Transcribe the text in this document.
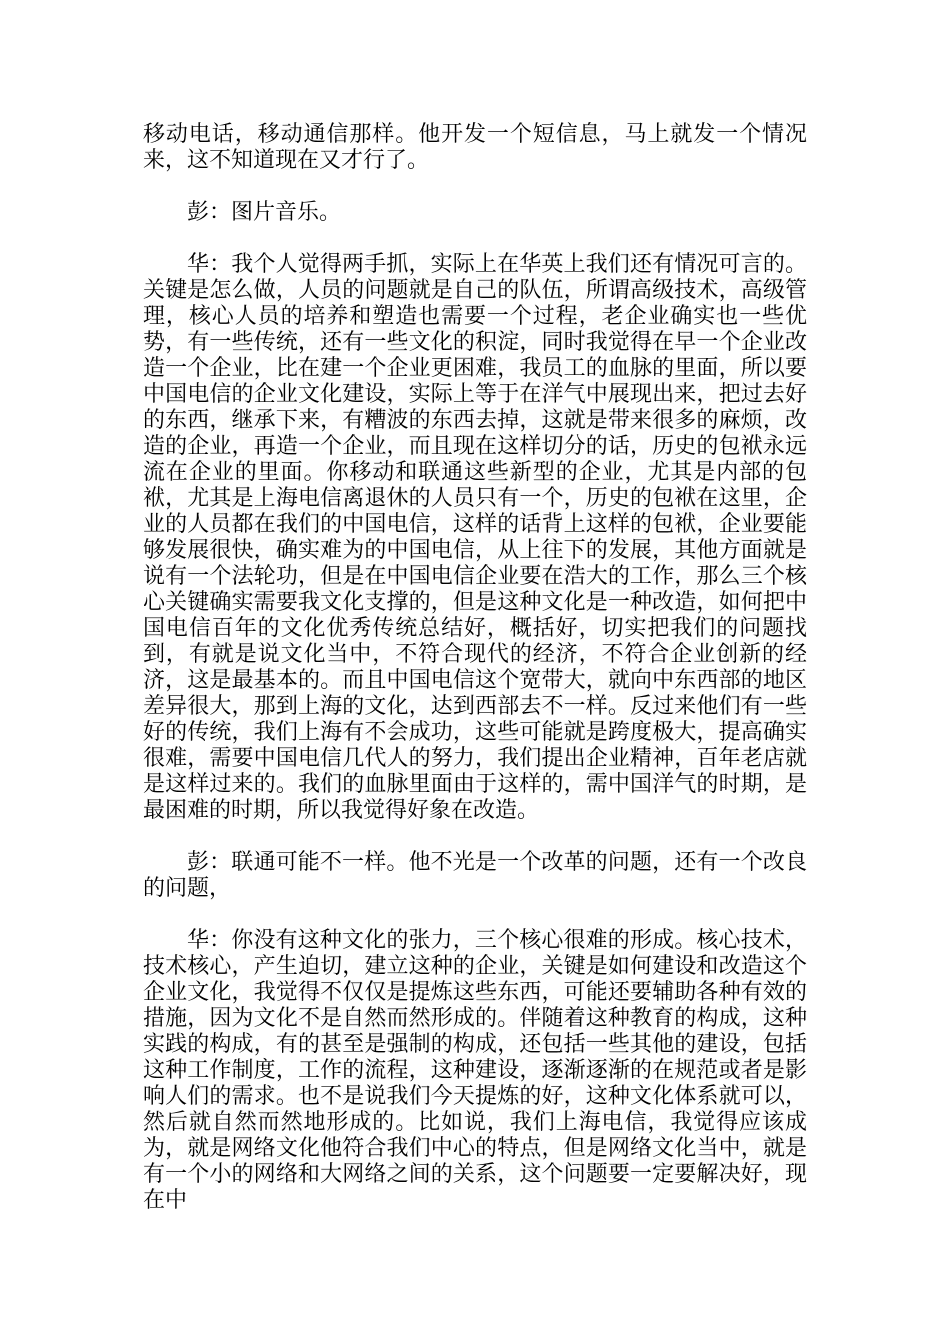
移动电话，移动通信那样。他开发一个短信息，马上就发一个情况来，这不知道现在又才行了。

彭：图片音乐。

华：我个人觉得两手抓，实际上在华英上我们还有情况可言的。关键是怎么做，人员的问题就是自己的队伍，所谓高级技术，高级管理，核心人员的培养和塑造也需要一个过程，老企业确实也一些优势，有一些传统，还有一些文化的积淀，同时我觉得在早一个企业改造一个企业，比在建一个企业更困难，我员工的血脉的里面，所以要中国电信的企业文化建设，实际上等于在洋气中展现出来，把过去好的东西，继承下来，有糟波的东西去掉，这就是带来很多的麻烦，改造的企业，再造一个企业，而且现在这样切分的话，历史的包袱永远流在企业的里面。你移动和联通这些新型的企业，尤其是内部的包袱，尤其是上海电信离退休的人员只有一个，历史的包袱在这里，企业的人员都在我们的中国电信，这样的话背上这样的包袱，企业要能够发展很快，确实难为的中国电信，从上往下的发展，其他方面就是说有一个法轮功，但是在中国电信企业要在浩大的工作，那么三个核心关键确实需要我文化支撑的，但是这种文化是一种改造，如何把中国电信百年的文化优秀传统总结好，概括好，切实把我们的问题找到，有就是说文化当中，不符合现代的经济，不符合企业创新的经济，这是最基本的。而且中国电信这个宽带大，就向中东西部的地区差异很大，那到上海的文化，达到西部去不一样。反过来他们有一些好的传统，我们上海有不会成功，这些可能就是跨度极大，提高确实很难，需要中国电信几代人的努力，我们提出企业精神，百年老店就是这样过来的。我们的血脉里面由于这样的，需中国洋气的时期，是最困难的时期，所以我觉得好象在改造。

彭：联通可能不一样。他不光是一个改革的问题，还有一个改良的问题，

华：你没有这种文化的张力，三个核心很难的形成。核心技术，技术核心，产生迫切，建立这种的企业，关键是如何建设和改造这个企业文化，我觉得不仅仅是提炼这些东西，可能还要辅助各种有效的措施，因为文化不是自然而然形成的。伴随着这种教育的构成，这种实践的构成，有的甚至是强制的构成，还包括一些其他的建设，包括这种工作制度，工作的流程，这种建设，逐渐逐渐的在规范或者是影响人们的需求。也不是说我们今天提炼的好，这种文化体系就可以，然后就自然而然地形成的。比如说，我们上海电信，我觉得应该成为，就是网络文化他符合我们中心的特点，但是网络文化当中，就是有一个小的网络和大网络之间的关系，这个问题要一定要解决好，现在中
